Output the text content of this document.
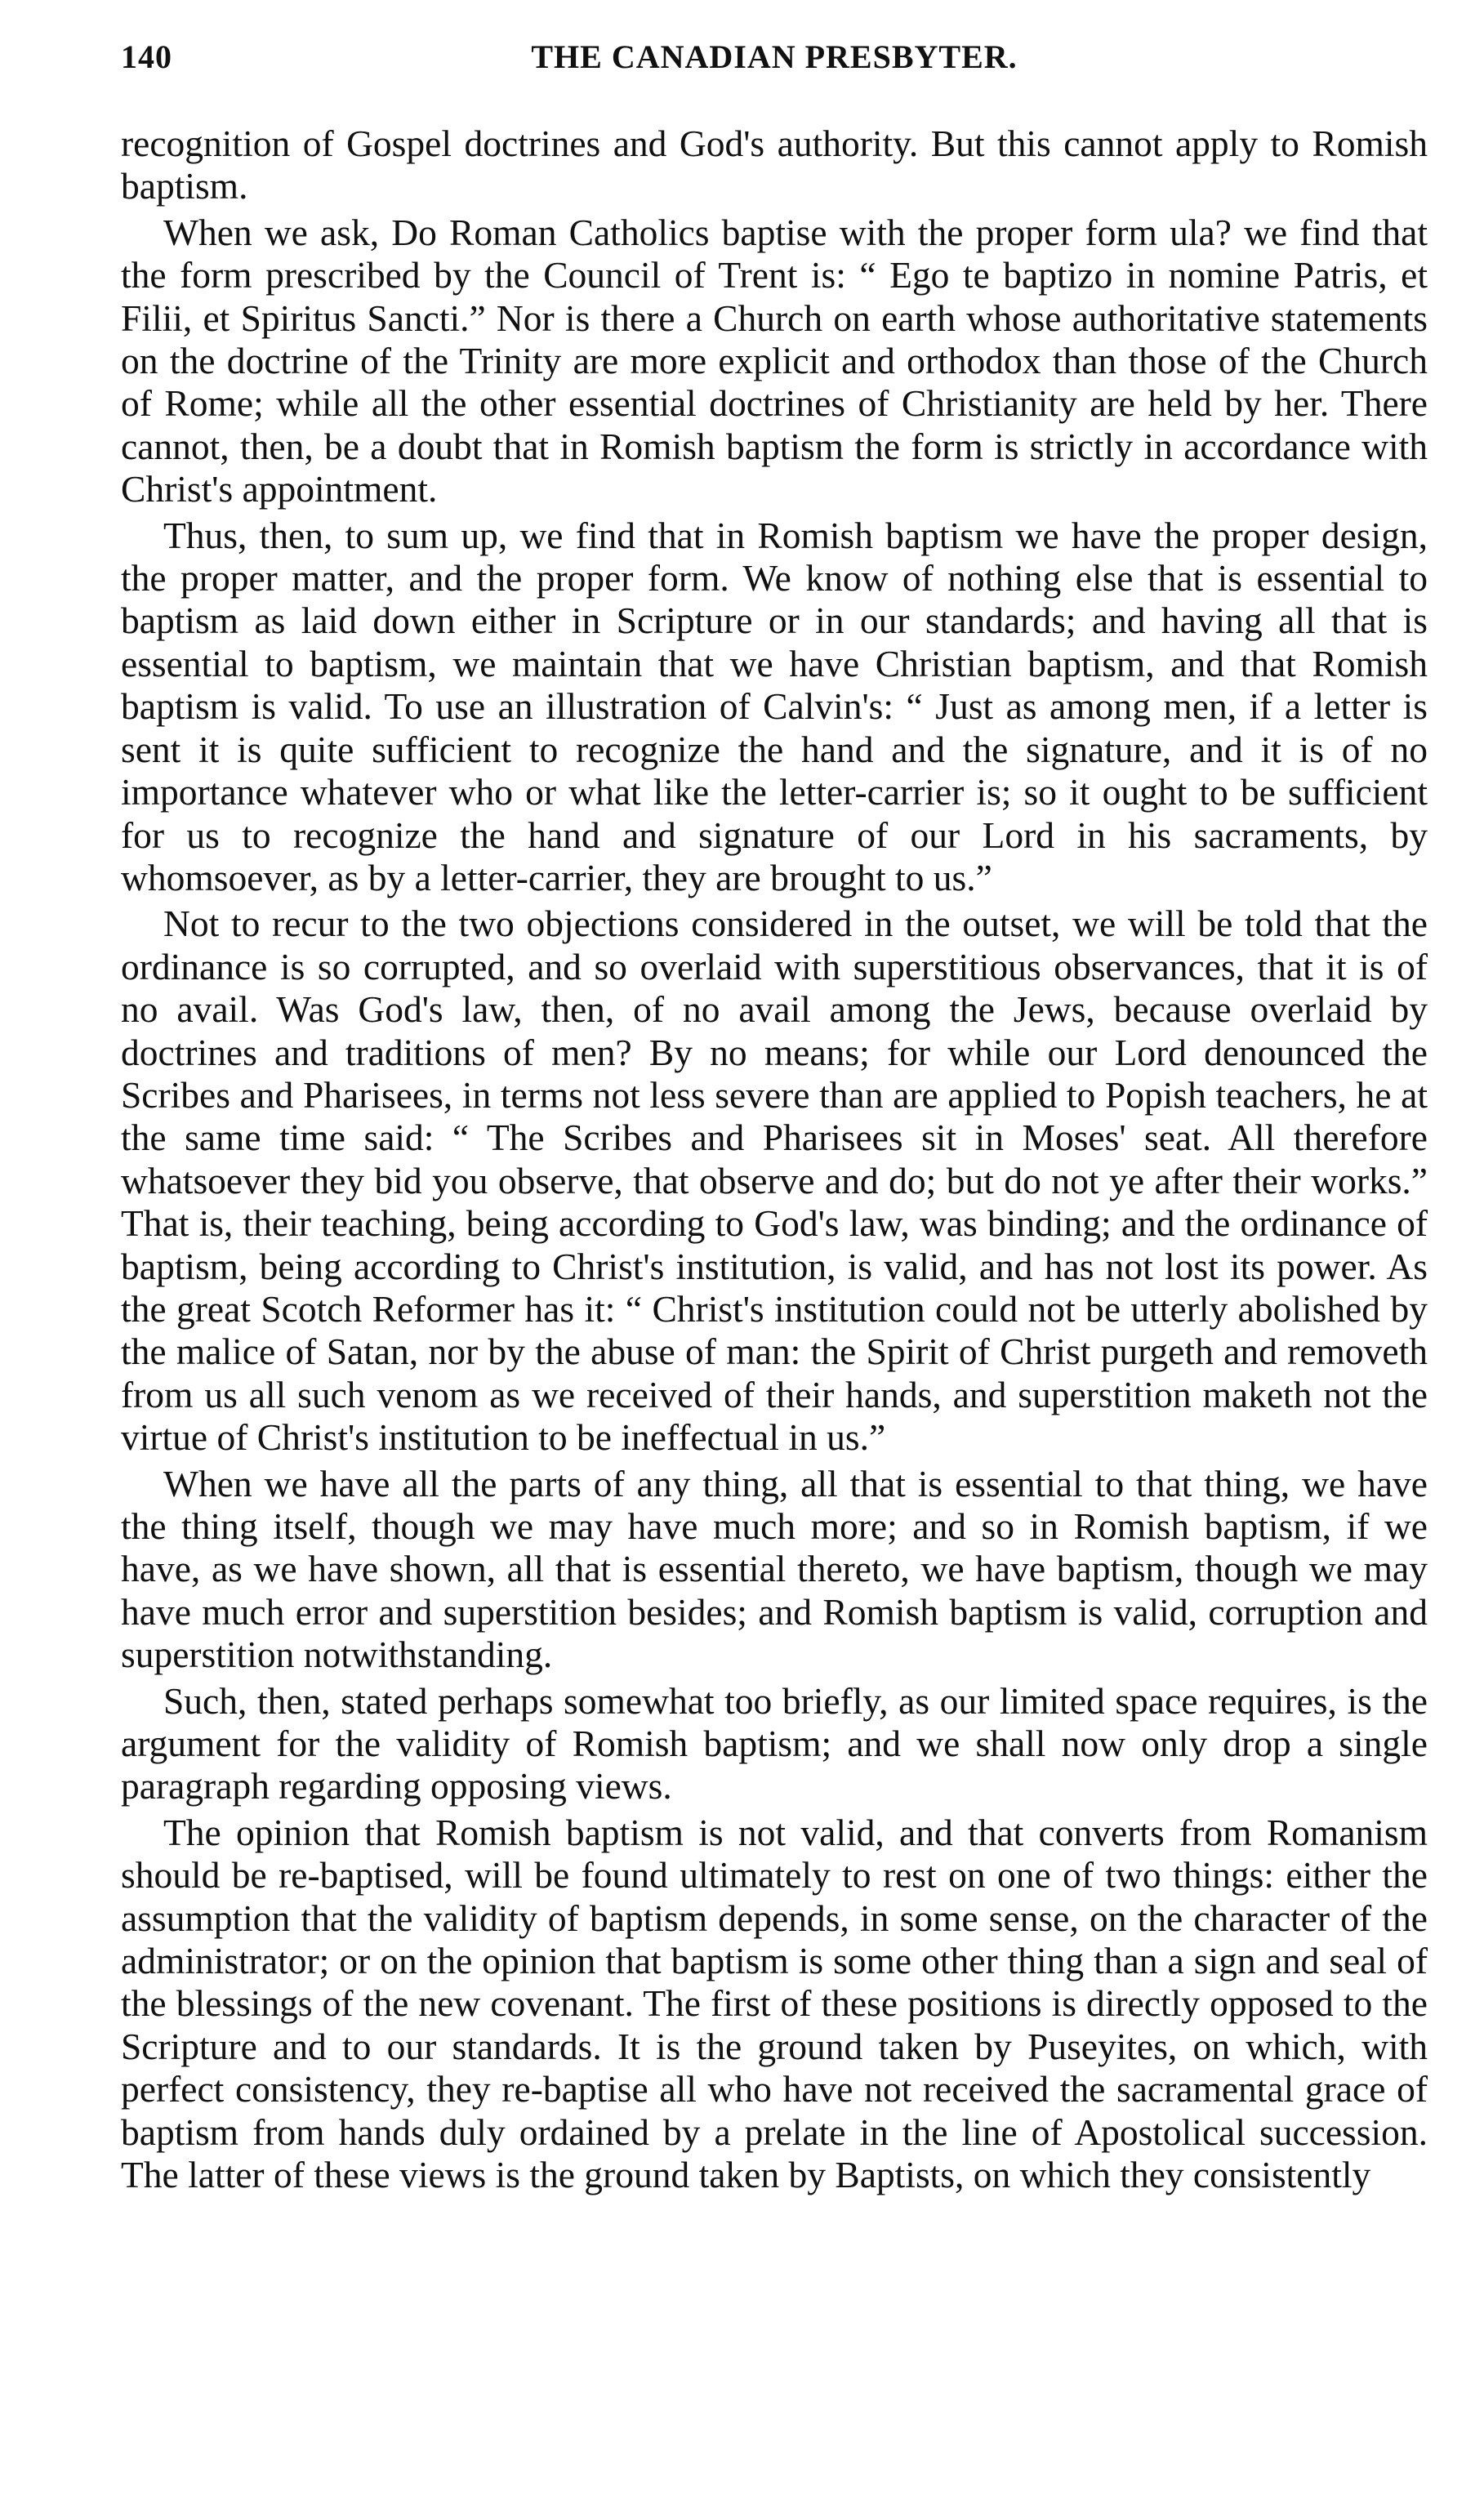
140	THE CANADIAN PRESBYTER.

recognition of Gospel doctrines and God's authority. But this cannot apply to Romish baptism.

When we ask, Do Roman Catholics baptise with the proper form ula? we find that the form prescribed by the Council of Trent is: “ Ego te baptizo in nomine Patris, et Filii, et Spiritus Sancti.” Nor is there a Church on earth whose authoritative statements on the doctrine of the Trinity are more explicit and orthodox than those of the Church of Rome; while all the other essential doctrines of Christianity are held by her. There cannot, then, be a doubt that in Romish baptism the form is strictly in accordance with Christ's appointment.

Thus, then, to sum up, we find that in Romish baptism we have the proper design, the proper matter, and the proper form. We know of nothing else that is essential to baptism as laid down either in Scripture or in our standards; and having all that is essential to baptism, we maintain that we have Christian baptism, and that Romish baptism is valid. To use an illustration of Calvin's: “ Just as among men, if a letter is sent it is quite sufficient to recognize the hand and the signature, and it is of no importance whatever who or what like the letter-carrier is; so it ought to be sufficient for us to recognize the hand and signature of our Lord in his sacraments, by whomsoever, as by a letter-carrier, they are brought to us.”

Not to recur to the two objections considered in the outset, we will be told that the ordinance is so corrupted, and so overlaid with superstitious observances, that it is of no avail. Was God's law, then, of no avail among the Jews, because overlaid by doctrines and traditions of men? By no means; for while our Lord denounced the Scribes and Pharisees, in terms not less severe than are applied to Popish teachers, he at the same time said: “ The Scribes and Pharisees sit in Moses' seat. All therefore whatsoever they bid you observe, that observe and do; but do not ye after their works.” That is, their teaching, being according to God's law, was binding; and the ordinance of baptism, being according to Christ's institution, is valid, and has not lost its power. As the great Scotch Reformer has it: “ Christ's institution could not be utterly abolished by the malice of Satan, nor by the abuse of man: the Spirit of Christ purgeth and removeth from us all such venom as we received of their hands, and superstition maketh not the virtue of Christ's institution to be ineffectual in us.”

When we have all the parts of any thing, all that is essential to that thing, we have the thing itself, though we may have much more; and so in Romish baptism, if we have, as we have shown, all that is essential thereto, we have baptism, though we may have much error and superstition besides; and Romish baptism is valid, corruption and superstition notwithstanding.

Such, then, stated perhaps somewhat too briefly, as our limited space requires, is the argument for the validity of Romish baptism; and we shall now only drop a single paragraph regarding opposing views.

The opinion that Romish baptism is not valid, and that converts from Romanism should be re-baptised, will be found ultimately to rest on one of two things: either the assumption that the validity of baptism depends, in some sense, on the character of the administrator; or on the opinion that baptism is some other thing than a sign and seal of the blessings of the new covenant. The first of these positions is directly opposed to the Scripture and to our standards. It is the ground taken by Puseyites, on which, with perfect consistency, they re-baptise all who have not received the sacramental grace of baptism from hands duly ordained by a prelate in the line of Apostolical succession. The latter of these views is the ground taken by Baptists, on which they consistently
